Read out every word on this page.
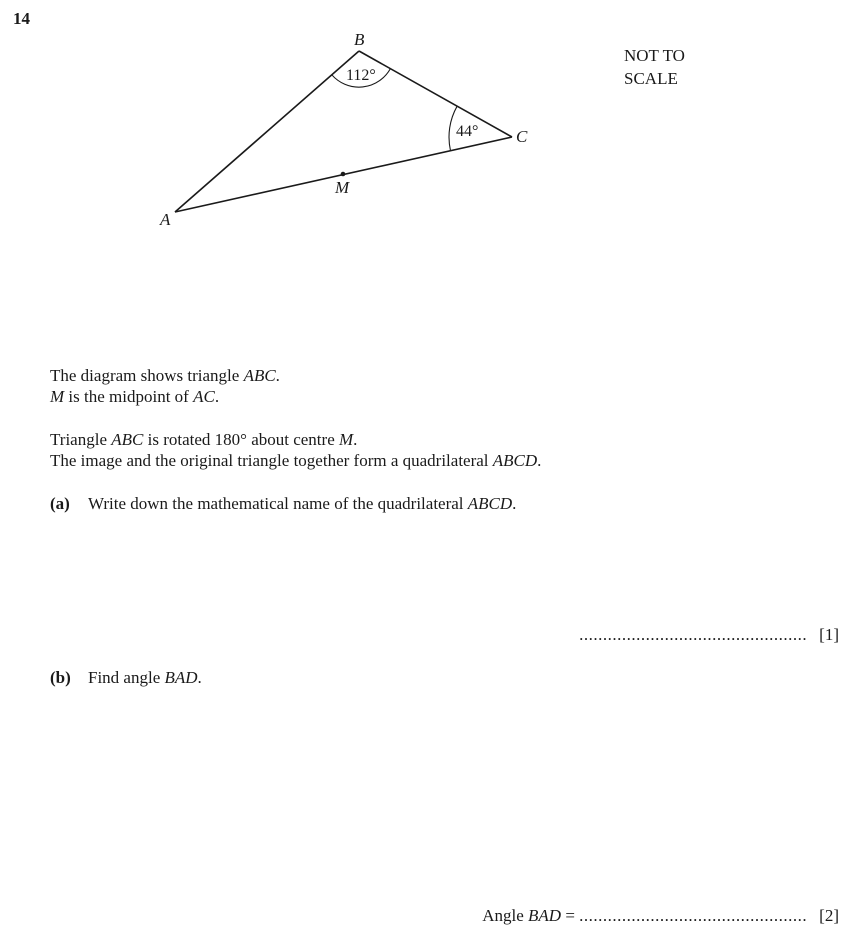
14
B
C
A
M
112°
44°
NOT TO
SCALE
The diagram shows triangle ABC.
M is the midpoint of AC.
Triangle ABC is rotated 180° about centre M.
The image and the original triangle together form a quadrilateral ABCD.
(a) Write down the mathematical name of the quadrilateral ABCD.
................................................ [1]
(b) Find angle BAD.
Angle BAD = ................................................ [2]
